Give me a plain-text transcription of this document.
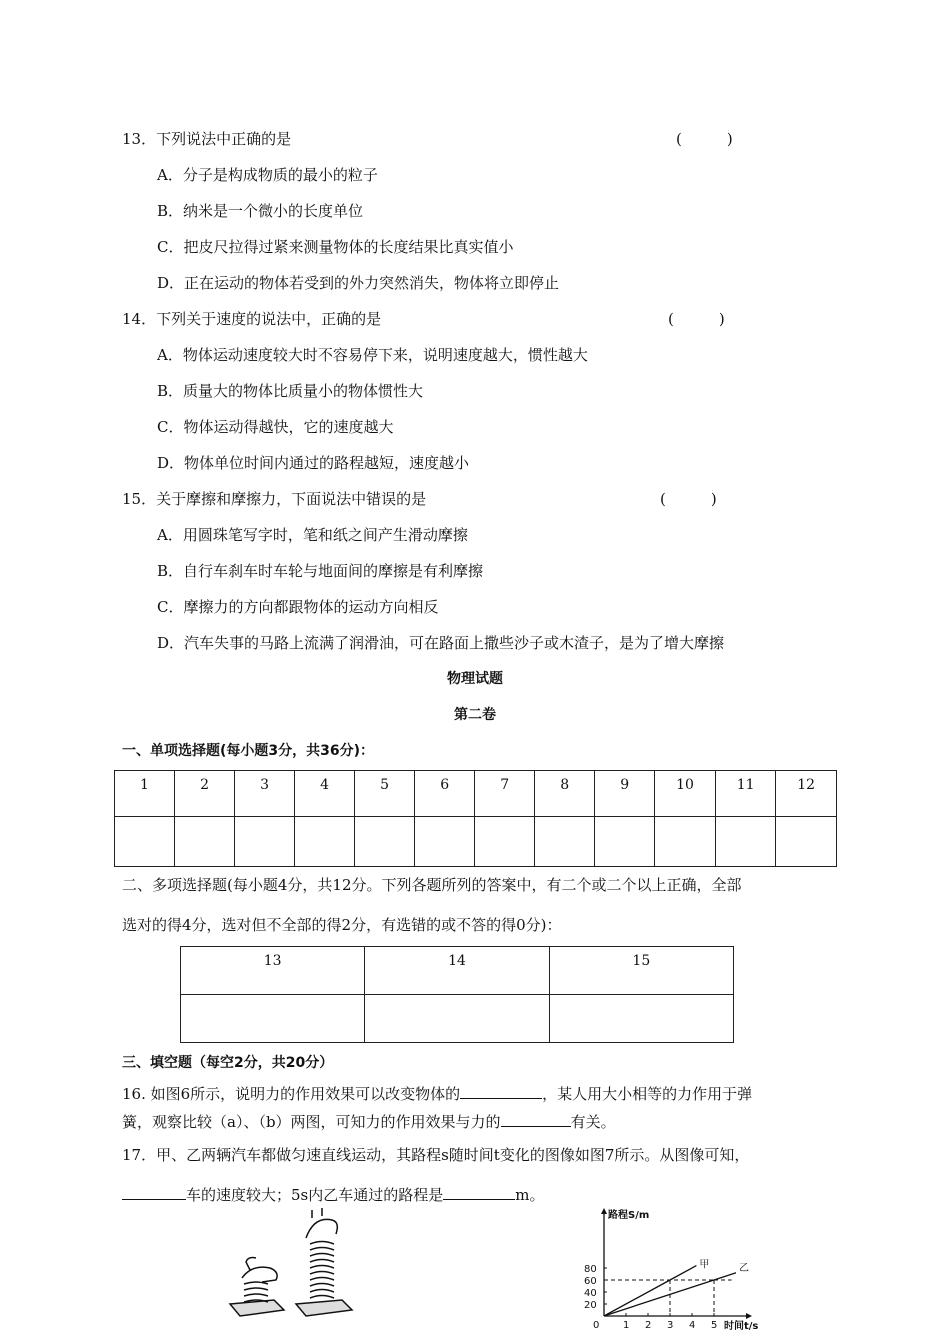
13．下列说法中正确的是	(　　　)
A．分子是构成物质的最小的粒子
B．纳米是一个微小的长度单位
C．把皮尺拉得过紧来测量物体的长度结果比真实值小
D．正在运动的物体若受到的外力突然消失，物体将立即停止
14．下列关于速度的说法中，正确的是	(　　　)
A．物体运动速度较大时不容易停下来，说明速度越大，惯性越大
B．质量大的物体比质量小的物体惯性大
C．物体运动得越快，它的速度越大
D．物体单位时间内通过的路程越短，速度越小
15．关于摩擦和摩擦力，下面说法中错误的是	(　　　)
A．用圆珠笔写字时，笔和纸之间产生滑动摩擦
B．自行车刹车时车轮与地面间的摩擦是有利摩擦
C．摩擦力的方向都跟物体的运动方向相反
D．汽车失事的马路上流满了润滑油，可在路面上撒些沙子或木渣子，是为了增大摩擦
物理试题
第二卷
一、单项选择题(每小题3分，共36分)：
1	2	3	4	5	6	7	8	9	10	11	12

二、多项选择题(每小题4分，共12分。下列各题所列的答案中，有二个或二个以上正确，全部
选对的得4分，选对但不全部的得2分，有选错的或不答的得0分)：
13	14	15

三、填空题（每空2分，共20分）
16. 如图6所示，说明力的作用效果可以改变物体的	，某人用大小相等的力作用于弹
簧，观察比较（a）、（b）两图，可知力的作用效果与力的	有关。
17．甲、乙两辆汽车都做匀速直线运动，其路程s随时间t变化的图像如图7所示。从图像可知，
车的速度较大；5s内乙车通过的路程是	m。
路程S/m
时间t/s
0 1 2 3 4 5
20
40
60
80	甲	乙
